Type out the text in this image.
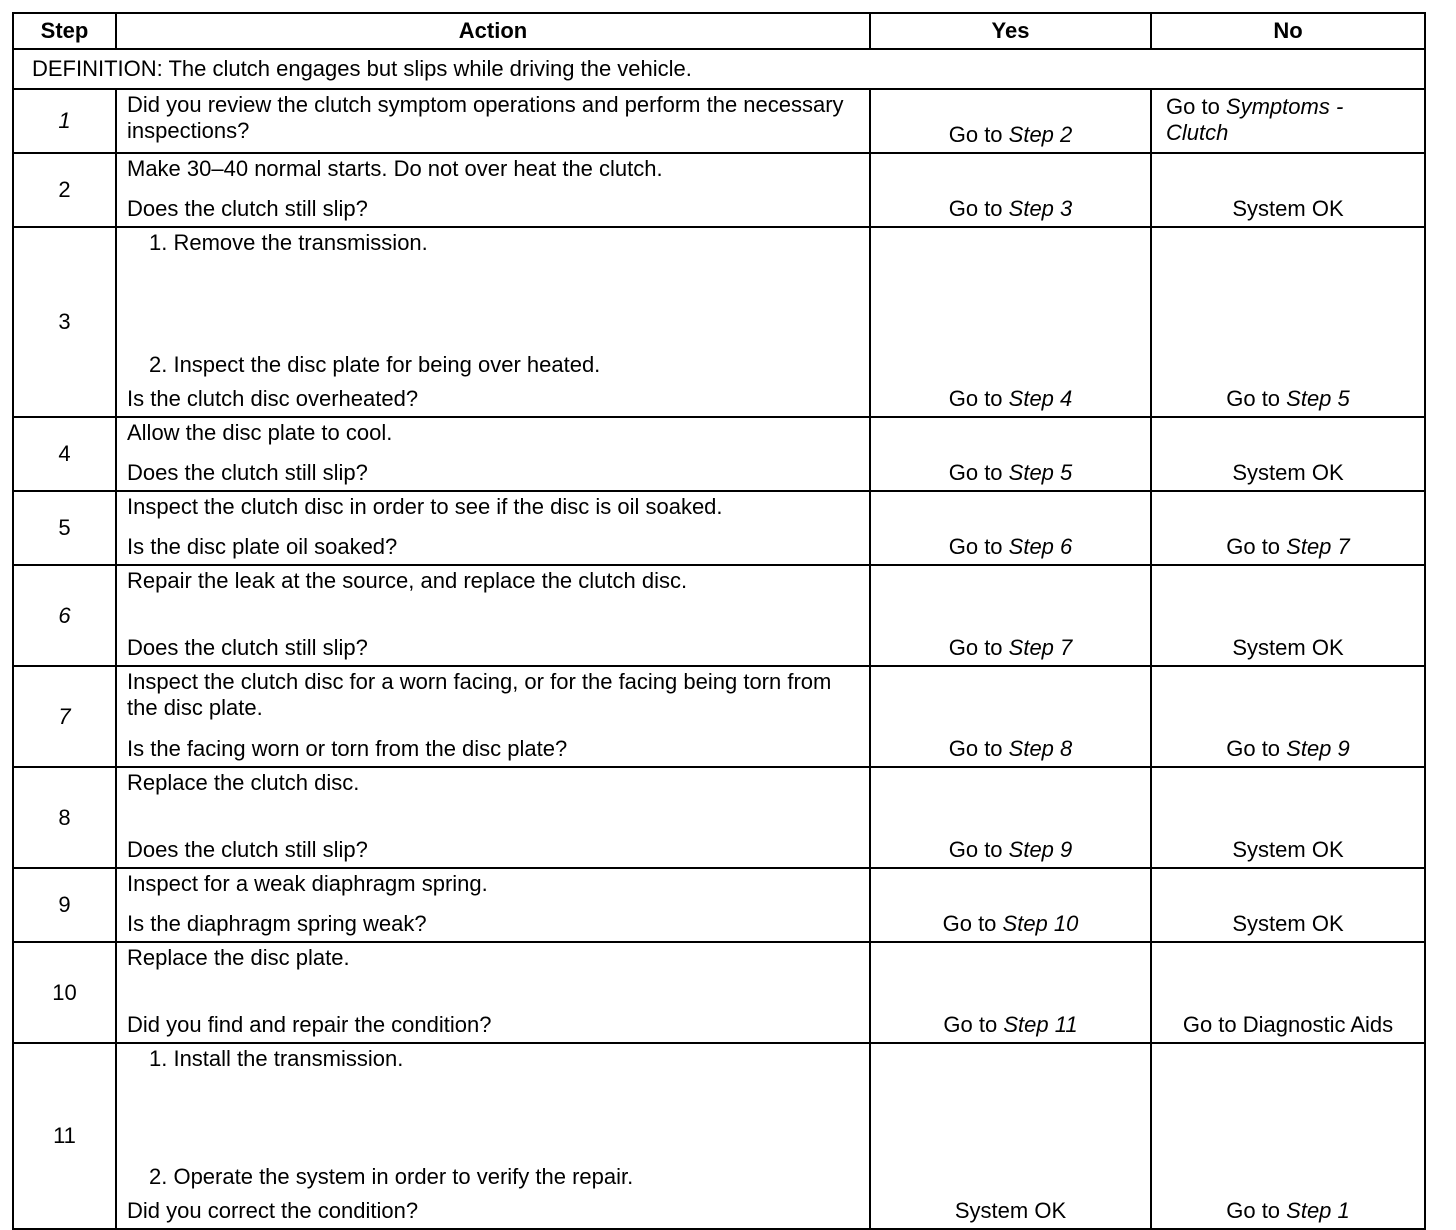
Step	Action	Yes	No
DEFINITION: The clutch engages but slips while driving the vehicle.			
1	Did you review the clutch symptom operations and perform the necessary inspections?	Go to Step 2	Go to Symptoms - Clutch
2	Make 30–40 normal starts. Do not over heat the clutch.
Does the clutch still slip?	Go to Step 3	System OK
3	1. Remove the transmission.
2. Inspect the disc plate for being over heated.
Is the clutch disc overheated?	Go to Step 4	Go to Step 5
4	Allow the disc plate to cool.
Does the clutch still slip?	Go to Step 5	System OK
5	Inspect the clutch disc in order to see if the disc is oil soaked.
Is the disc plate oil soaked?	Go to Step 6	Go to Step 7
6	Repair the leak at the source, and replace the clutch disc.
Does the clutch still slip?	Go to Step 7	System OK
7	Inspect the clutch disc for a worn facing, or for the facing being torn from the disc plate.
Is the facing worn or torn from the disc plate?	Go to Step 8	Go to Step 9
8	Replace the clutch disc.
Does the clutch still slip?	Go to Step 9	System OK
9	Inspect for a weak diaphragm spring.
Is the diaphragm spring weak?	Go to Step 10	System OK
10	Replace the disc plate.
Did you find and repair the condition?	Go to Step 11	Go to Diagnostic Aids
11	1. Install the transmission.
2. Operate the system in order to verify the repair.
Did you correct the condition?	System OK	Go to Step 1
